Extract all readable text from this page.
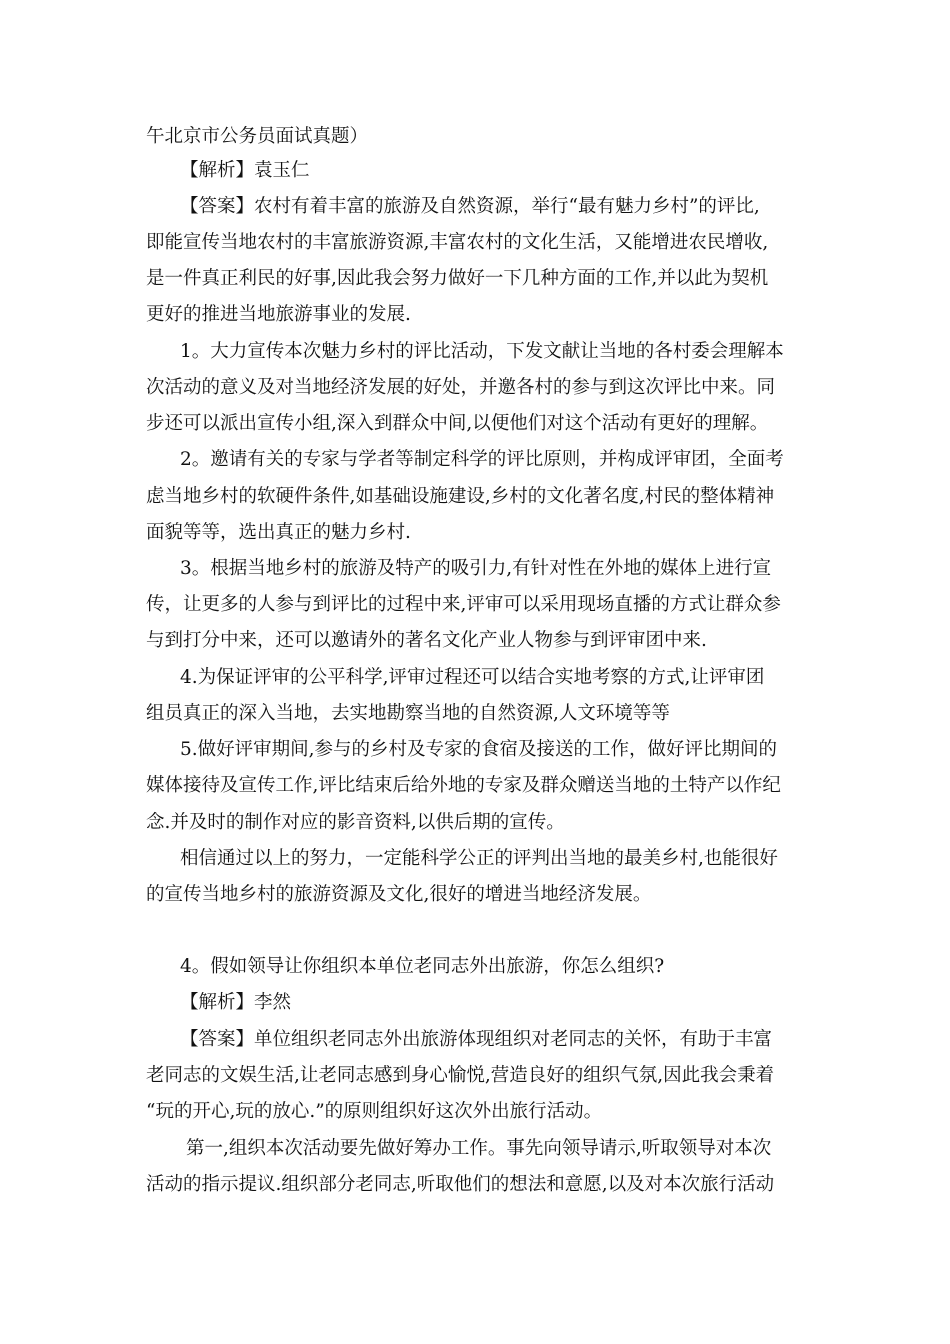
午北京市公务员面试真题）
【解析】袁玉仁
【答案】农村有着丰富的旅游及自然资源，举行“最有魅力乡村”的评比,
即能宣传当地农村的丰富旅游资源,丰富农村的文化生活，又能增进农民增收,
是一件真正利民的好事,因此我会努力做好一下几种方面的工作,并以此为契机
更好的推进当地旅游事业的发展.
1。大力宣传本次魅力乡村的评比活动，下发文献让当地的各村委会理解本
次活动的意义及对当地经济发展的好处，并邀各村的参与到这次评比中来。同
步还可以派出宣传小组,深入到群众中间,以便他们对这个活动有更好的理解。
2。邀请有关的专家与学者等制定科学的评比原则，并构成评审团，全面考
虑当地乡村的软硬件条件,如基础设施建设,乡村的文化著名度,村民的整体精神
面貌等等，选出真正的魅力乡村.
3。根据当地乡村的旅游及特产的吸引力,有针对性在外地的媒体上进行宣
传，让更多的人参与到评比的过程中来,评审可以采用现场直播的方式让群众参
与到打分中来，还可以邀请外的著名文化产业人物参与到评审团中来.
4.为保证评审的公平科学,评审过程还可以结合实地考察的方式,让评审团
组员真正的深入当地，去实地勘察当地的自然资源,人文环境等等
5.做好评审期间,参与的乡村及专家的食宿及接送的工作，做好评比期间的
媒体接待及宣传工作,评比结束后给外地的专家及群众赠送当地的土特产以作纪
念.并及时的制作对应的影音资料,以供后期的宣传。
相信通过以上的努力，一定能科学公正的评判出当地的最美乡村,也能很好
的宣传当地乡村的旅游资源及文化,很好的增进当地经济发展。
4。假如领导让你组织本单位老同志外出旅游，你怎么组织?
【解析】李然
【答案】单位组织老同志外出旅游体现组织对老同志的关怀，有助于丰富
老同志的文娱生活,让老同志感到身心愉悦,营造良好的组织气氛,因此我会秉着
“玩的开心,玩的放心.”的原则组织好这次外出旅行活动。
第一,组织本次活动要先做好筹办工作。事先向领导请示,听取领导对本次
活动的指示提议.组织部分老同志,听取他们的想法和意愿,以及对本次旅行活动
